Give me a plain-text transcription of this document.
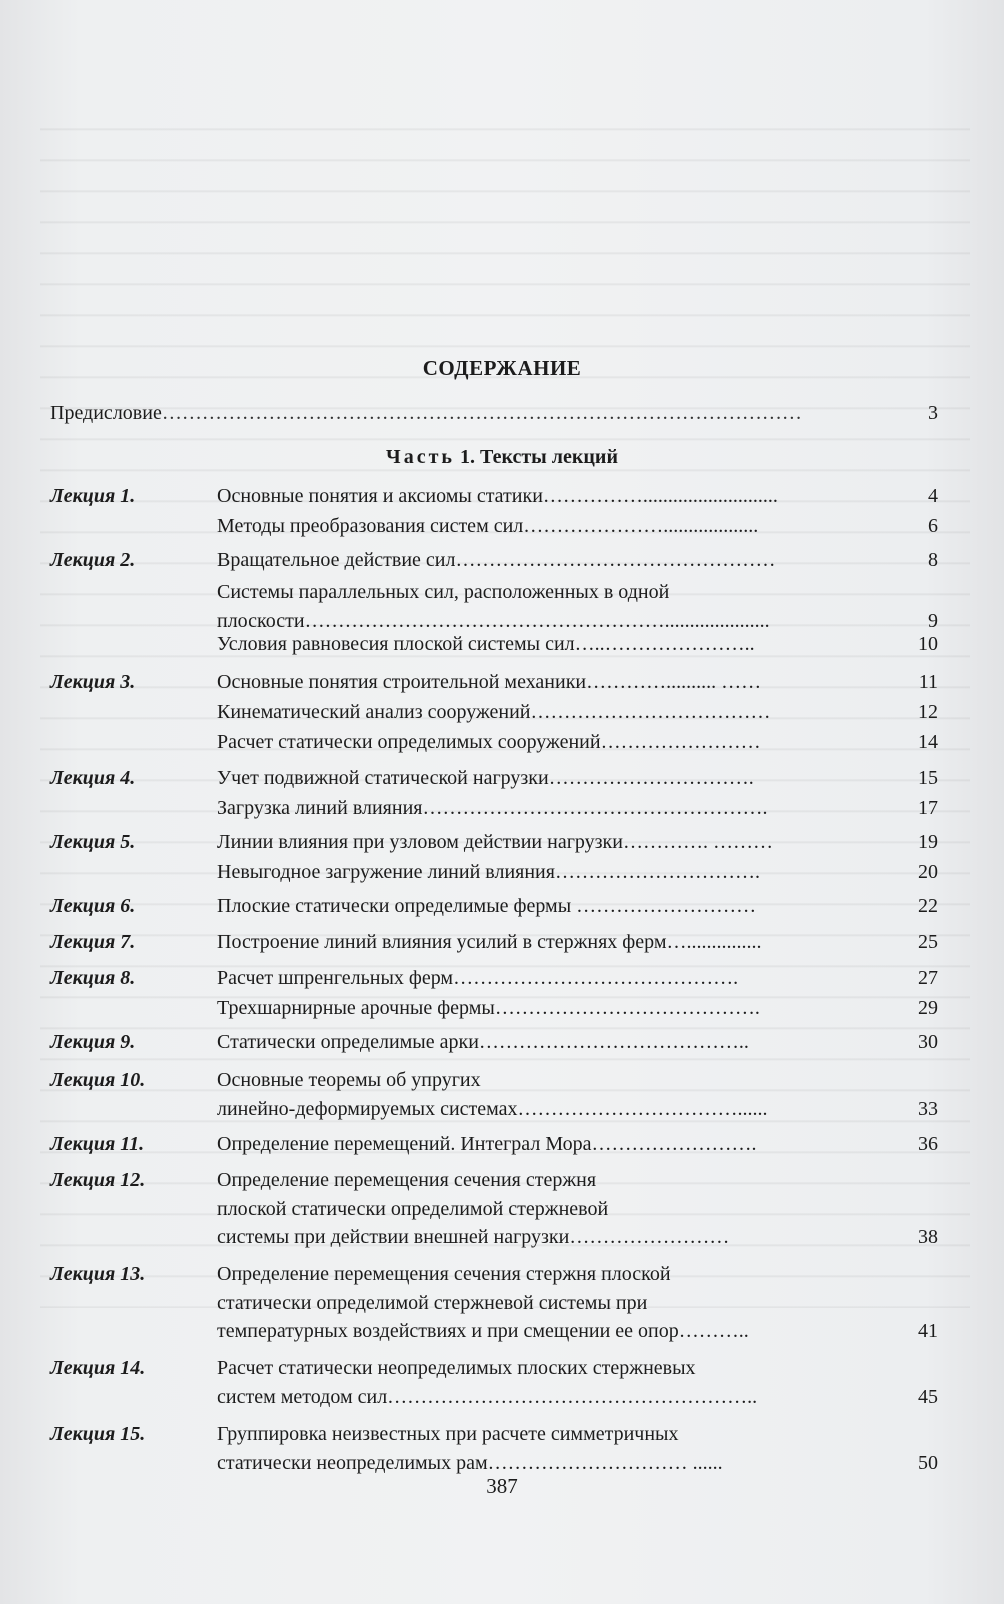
СОДЕРЖАНИЕ
Предисловие……………………………………………………………………………………	3
Часть 1. Тексты лекций
Лекция 1.	Основные понятия и аксиомы статики……………...........................	4
Методы преобразования систем сил…………………...................	6
Лекция 2.	Вращательное действие сил…………………………………………	8
Системы параллельных сил, расположенных в одной
плоскости……………………………………………….....................	9
Условия равновесия плоской системы сил…..…………………..	10
Лекция 3.	Основные понятия строительной механики………….......... ……	11
Кинематический анализ сооружений………………………………	12
Расчет статически определимых сооружений……………………	14
Лекция 4.	Учет подвижной статической нагрузки………………………….	15
Загрузка линий влияния…………………………………………….	17
Лекция 5.	Линии влияния при узловом действии нагрузки…………. ………	19
Невыгодное загружение линий влияния………………………….	20
Лекция 6.	Плоские статически определимые фермы ………………………	22
Лекция 7.	Построение линий влияния усилий в стержнях ферм…...............	25
Лекция 8.	Расчет шпренгельных ферм…………………………………….	27
Трехшарнирные арочные фермы………………………………….	29
Лекция 9.	Статически определимые арки…………………………………..	30
Лекция 10.	Основные теоремы об упругих
линейно-деформируемых системах……………………………......	33
Лекция 11.	Определение перемещений. Интеграл Мора…………………….	36
Лекция 12.	Определение перемещения сечения стержня
плоской статически определимой стержневой
системы при действии внешней нагрузки……………………	38
Лекция 13.	Определение перемещения сечения стержня плоской
статически определимой стержневой системы при
температурных воздействиях и при смещении ее опор………..	41
Лекция 14.	Расчет статически неопределимых плоских стержневых
систем методом сил………………………………………………..	45
Лекция 15.	Группировка неизвестных при расчете симметричных
статически неопределимых рам………………………… ......	50
387
